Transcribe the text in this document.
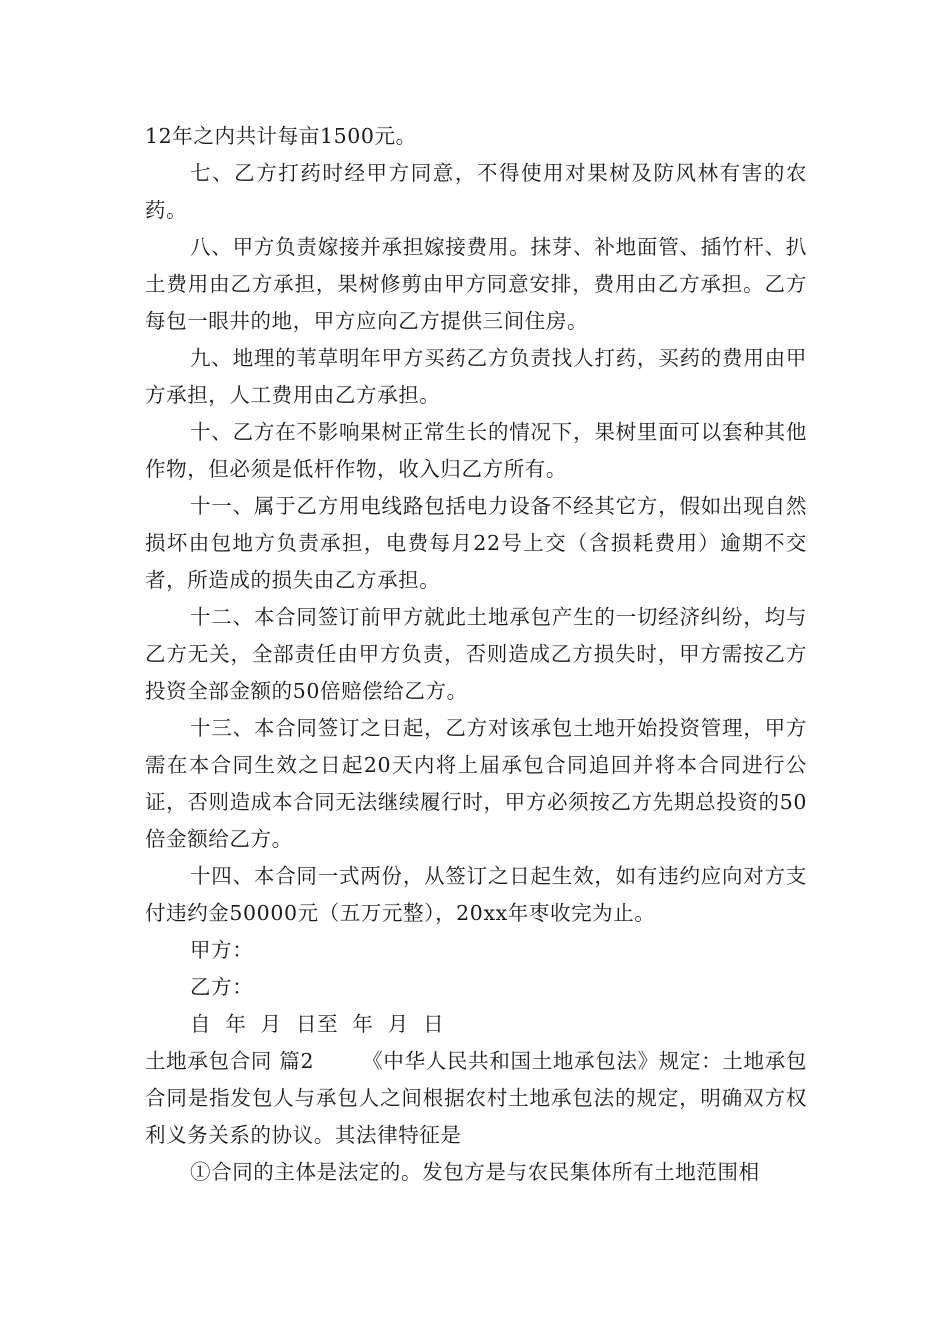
12年之内共计每亩1500元。

七、乙方打药时经甲方同意，不得使用对果树及防风林有害的农药。

八、甲方负责嫁接并承担嫁接费用。抹芽、补地面管、插竹杆、扒土费用由乙方承担，果树修剪由甲方同意安排，费用由乙方承担。乙方每包一眼井的地，甲方应向乙方提供三间住房。

九、地理的苇草明年甲方买药乙方负责找人打药，买药的费用由甲方承担，人工费用由乙方承担。

十、乙方在不影响果树正常生长的情况下，果树里面可以套种其他作物，但必须是低杆作物，收入归乙方所有。

十一、属于乙方用电线路包括电力设备不经其它方，假如出现自然损坏由包地方负责承担，电费每月22号上交（含损耗费用）逾期不交者，所造成的损失由乙方承担。

十二、本合同签订前甲方就此土地承包产生的一切经济纠纷，均与乙方无关，全部责任由甲方负责，否则造成乙方损失时，甲方需按乙方投资全部金额的50倍赔偿给乙方。

十三、本合同签订之日起，乙方对该承包土地开始投资管理，甲方需在本合同生效之日起20天内将上届承包合同追回并将本合同进行公证，否则造成本合同无法继续履行时，甲方必须按乙方先期总投资的50倍金额给乙方。

十四、本合同一式两份，从签订之日起生效，如有违约应向对方支付违约金50000元（五万元整），20xx年枣收完为止。

甲方：

乙方：

自  年  月  日至  年  月  日

土地承包合同 篇2 《中华人民共和国土地承包法》规定：土地承包合同是指发包人与承包人之间根据农村土地承包法的规定，明确双方权利义务关系的协议。其法律特征是

①合同的主体是法定的。发包方是与农民集体所有土地范围相
